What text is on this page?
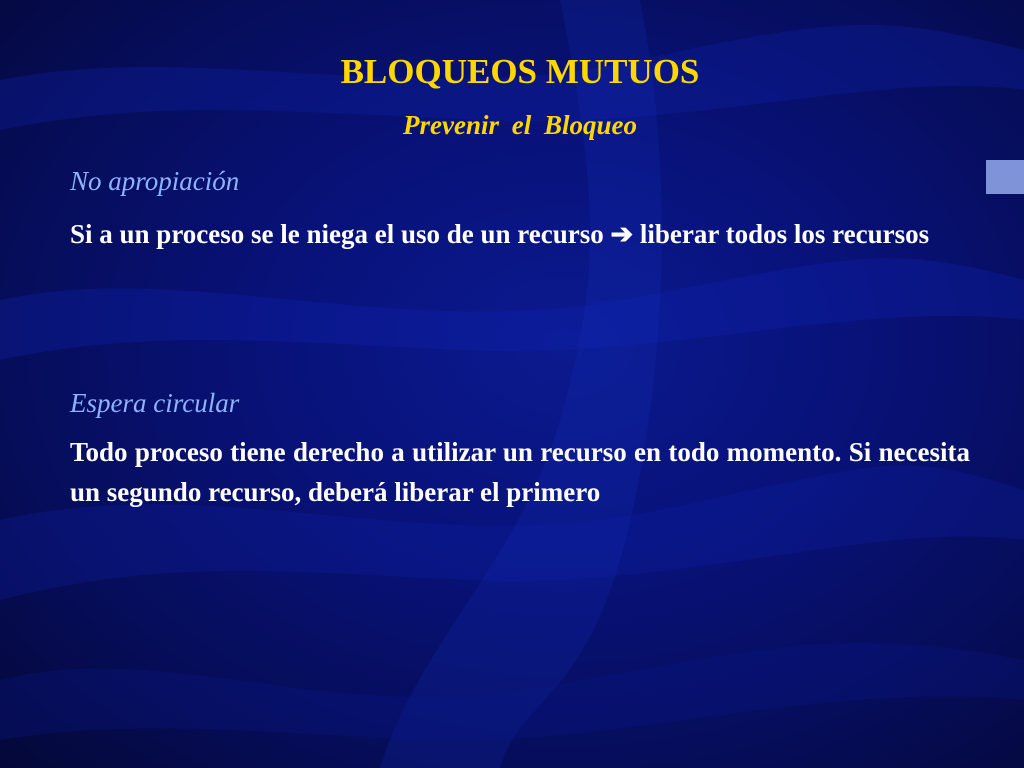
BLOQUEOS MUTUOS
Prevenir el Bloqueo
No apropiación
Si a un proceso se le niega el uso de un recurso ➔ liberar todos los recursos
Espera circular
Todo proceso tiene derecho a utilizar un recurso en todo momento. Si necesita un segundo recurso, deberá liberar el primero
